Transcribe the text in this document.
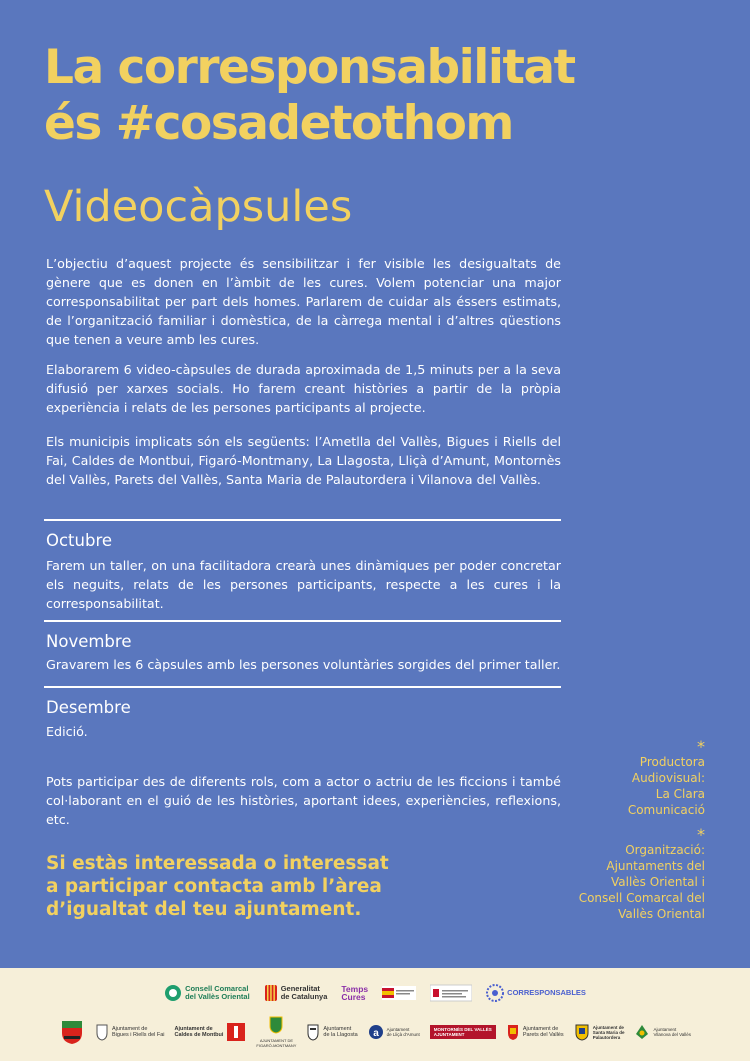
La corresponsabilitat
és #cosadetothom
Videocàpsules

L’objectiu d’aquest projecte és sensibilitzar i fer visible les desigualtats de gènere que es donen en l’àmbit de les cures. Volem potenciar una major corresponsabilitat per part dels homes. Parlarem de cuidar als éssers estimats, de l’organització familiar i domèstica, de la càrrega mental i d’altres qüestions que tenen a veure amb les cures.

Elaborarem 6 video-càpsules de durada aproximada de 1,5 minuts per a la seva difusió per xarxes socials. Ho farem creant històries a partir de la pròpia experiència i relats de les persones participants al projecte.

Els municipis implicats són els següents: l’Ametlla del Vallès, Bigues i Riells del Fai, Caldes de Montbui, Figaró-Montmany, La Llagosta, Lliçà d’Amunt, Montornès del Vallès, Parets del Vallès, Santa Maria de Palautordera i Vilanova del Vallès.

Octubre

Farem un taller, on una facilitadora crearà unes dinàmiques per poder concretar els neguits, relats de les persones participants, respecte a les cures i la corresponsabilitat.

Novembre

Gravarem les 6 càpsules amb les persones voluntàries sorgides del primer taller.

Desembre

Edició.

Pots participar des de diferents rols, com a actor o actriu de les ficcions i també col·laborant en el guió de les històries, aportant idees, experiències, reflexions, etc.

Si estàs interessada o interessat
a participar contacta amb l’àrea
d’igualtat del teu ajuntament.

*
Productora
Audiovisual:
La Clara
Comunicació
*
Organització:
Ajuntaments del
Vallès Oriental i
Consell Comarcal del
Vallès Oriental
Consell Comarcal
del Vallès Oriental
Generalitat
de Catalunya
Temps
Cures	CORRESPONSABLES
Ajuntament de
Bigues i Riells del Fai
Ajuntament de
Caldes de Montbui
AJUNTAMENT DE
FIGARÓ-MONTMANY
Ajuntament
de la Llagosta a Ajuntament
de Lliçà d'Amunt
MONTORNÈS DEL VALLÈS
AJUNTAMENT
Ajuntament de
Parets del Vallès
Ajuntament de
Santa Maria de
Palautordera
Ajuntament
Vilanova del Vallès
